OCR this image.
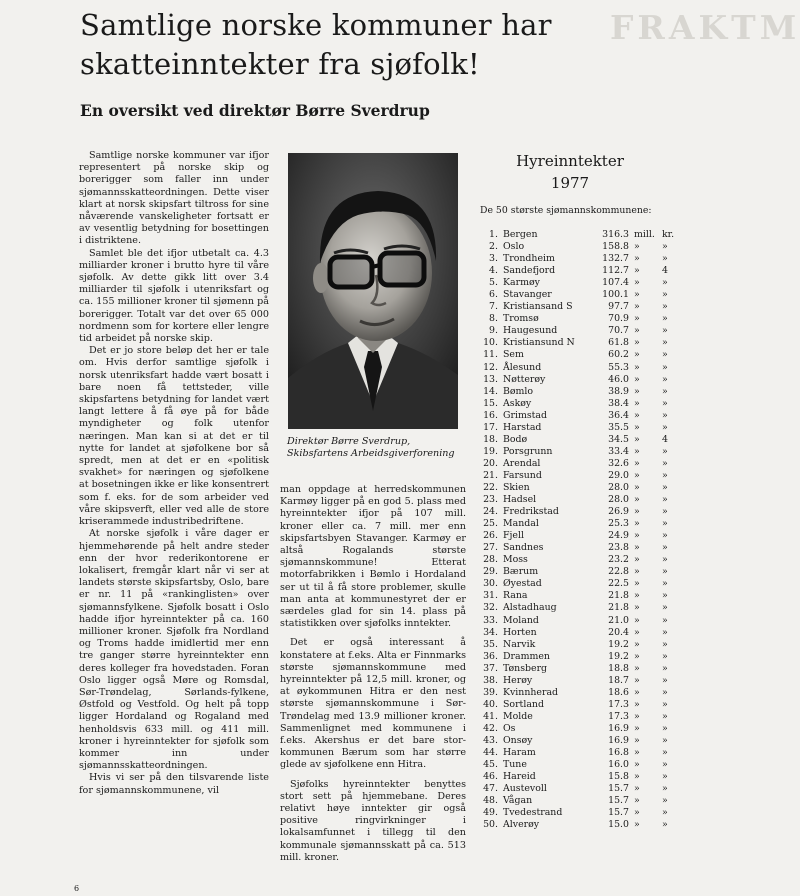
FRAKTM
Samtlige norske kommuner har skatteinntekter fra sjøfolk!
En oversikt ved direktør Børre Sverdrup

Samtlige norske kommuner var ifjor representert på norske skip og borerigger som faller inn under sjømannsskatteordningen. Dette viser klart at norsk skipsfart tiltross for sine nåværende vanskeligheter fortsatt er av vesentlig betydning for bosettingen i distriktene.

Samlet ble det ifjor utbetalt ca. 4.3 milliarder kroner i brutto hyre til våre sjøfolk. Av dette gikk litt over 3.4 milliarder til sjøfolk i utenriksfart og ca. 155 millioner kroner til sjømenn på borerigger. Totalt var det over 65 000 nordmenn som for kortere eller lengre tid arbeidet på norske skip.

Det er jo store beløp det her er tale om. Hvis derfor samtlige sjøfolk i norsk utenriksfart hadde vært bosatt i bare noen få tettsteder, ville skipsfartens betydning for landet vært langt lettere å få øye på for både myndigheter og folk utenfor næringen. Man kan si at det er til nytte for landet at sjøfolkene bor så spredt, men at det er en «politisk svakhet» for næringen og sjøfolkene at bosetningen ikke er like konsentrert som f. eks. for de som arbeider ved våre skipsverft, eller ved alle de store kriserammede industribedriftene.

At norske sjøfolk i våre dager er hjemmehørende på helt andre steder enn der hvor rederikontorene er lokalisert, fremgår klart når vi ser at landets største skipsfartsby, Oslo, bare er nr. 11 på «rankinglisten» over sjømannsfylkene. Sjøfolk bosatt i Oslo hadde ifjor hyreinntekter på ca. 160 millioner kroner. Sjøfolk fra Nordland og Troms hadde imidlertid mer enn tre ganger større hyreinntekter enn deres kolleger fra hovedstaden. Foran Oslo ligger også Møre og Romsdal, Sør-Trøndelag, Sørlands-fylkene, Østfold og Vestfold. Og helt på topp ligger Hordaland og Rogaland med henholdsvis 633 mill. og 411 mill. kroner i hyreinntekter for sjøfolk som kommer inn under sjømannsskatteordningen.

Hvis vi ser på den tilsvarende liste for sjømannskommunene, vil

Direktør Børre Sverdrup,
Skibsfartens Arbeidsgiverforening

man oppdage at herredskommunen Karmøy ligger på en god 5. plass med hyreinntekter ifjor på 107 mill. kroner eller ca. 7 mill. mer enn skipsfartsbyen Stavanger. Karmøy er altså Rogalands største sjømannskommune! Etterat motorfabrikken i Bømlo i Hordaland ser ut til å få store problemer, skulle man anta at kommunestyret der er særdeles glad for sin 14. plass på statistikken over sjøfolks inntekter.

Det er også interessant å konstatere at f.eks. Alta er Finnmarks største sjømannskommune med hyreinntekter på 12,5 mill. kroner, og at øykommunen Hitra er den nest største sjømannskommune i Sør-Trøndelag med 13.9 millioner kroner. Sammenlignet med kommunene i f.eks. Akershus er det bare stor-kommunen Bærum som har større glede av sjøfolkene enn Hitra.

Sjøfolks hyreinntekter benyttes stort sett på hjemmebane. Deres relativt høye inntekter gir også positive ringvirkninger i lokalsamfunnet i tillegg til den kommunale sjømannsskatt på ca. 513 mill. kroner.

Hyreinntekter
1977
De 50 største sjømannskommunene:
1. Bergen	316.3 mill. kr.
2. Oslo	158.8 » »
3. Trondheim	132.7 » »
4. Sandefjord	112.7 » 4
5. Karmøy	107.4 » »
6. Stavanger	100.1 » »
7. Kristiansand S	97.7 » »
8. Tromsø	70.9 » »
9. Haugesund	70.7 » »
10. Kristiansund N	61.8 » »
11. Sem	60.2 » »
12. Ålesund	55.3 » »
13. Nøtterøy	46.0 » »
14. Bømlo	38.9 » »
15. Askøy	38.4 » »
16. Grimstad	36.4 » »
17. Harstad	35.5 » »
18. Bodø	34.5 » 4
19. Porsgrunn	33.4 » »
20. Arendal	32.6 » »
21. Farsund	29.0 » »
22. Skien	28.0 » »
23. Hadsel	28.0 » »
24. Fredrikstad	26.9 » »
25. Mandal	25.3 » »
26. Fjell	24.9 » »
27. Sandnes	23.8 » »
28. Moss	23.2 » »
29. Bærum	22.8 » »
30. Øyestad	22.5 » »
31. Rana	21.8 » »
32. Alstadhaug	21.8 » »
33. Moland	21.0 » »
34. Horten	20.4 » »
35. Narvik	19.2 » »
36. Drammen	19.2 » »
37. Tønsberg	18.8 » »
38. Herøy	18.7 » »
39. Kvinnherad	18.6 » »
40. Sortland	17.3 » »
41. Molde	17.3 » »
42. Os	16.9 » »
43. Onsøy	16.9 » »
44. Haram	16.8 » »
45. Tune	16.0 » »
46. Hareid	15.8 » »
47. Austevoll	15.7 » »
48. Vågan	15.7 » »
49. Tvedestrand	15.7 » »
50. Alverøy	15.0 » »
6
